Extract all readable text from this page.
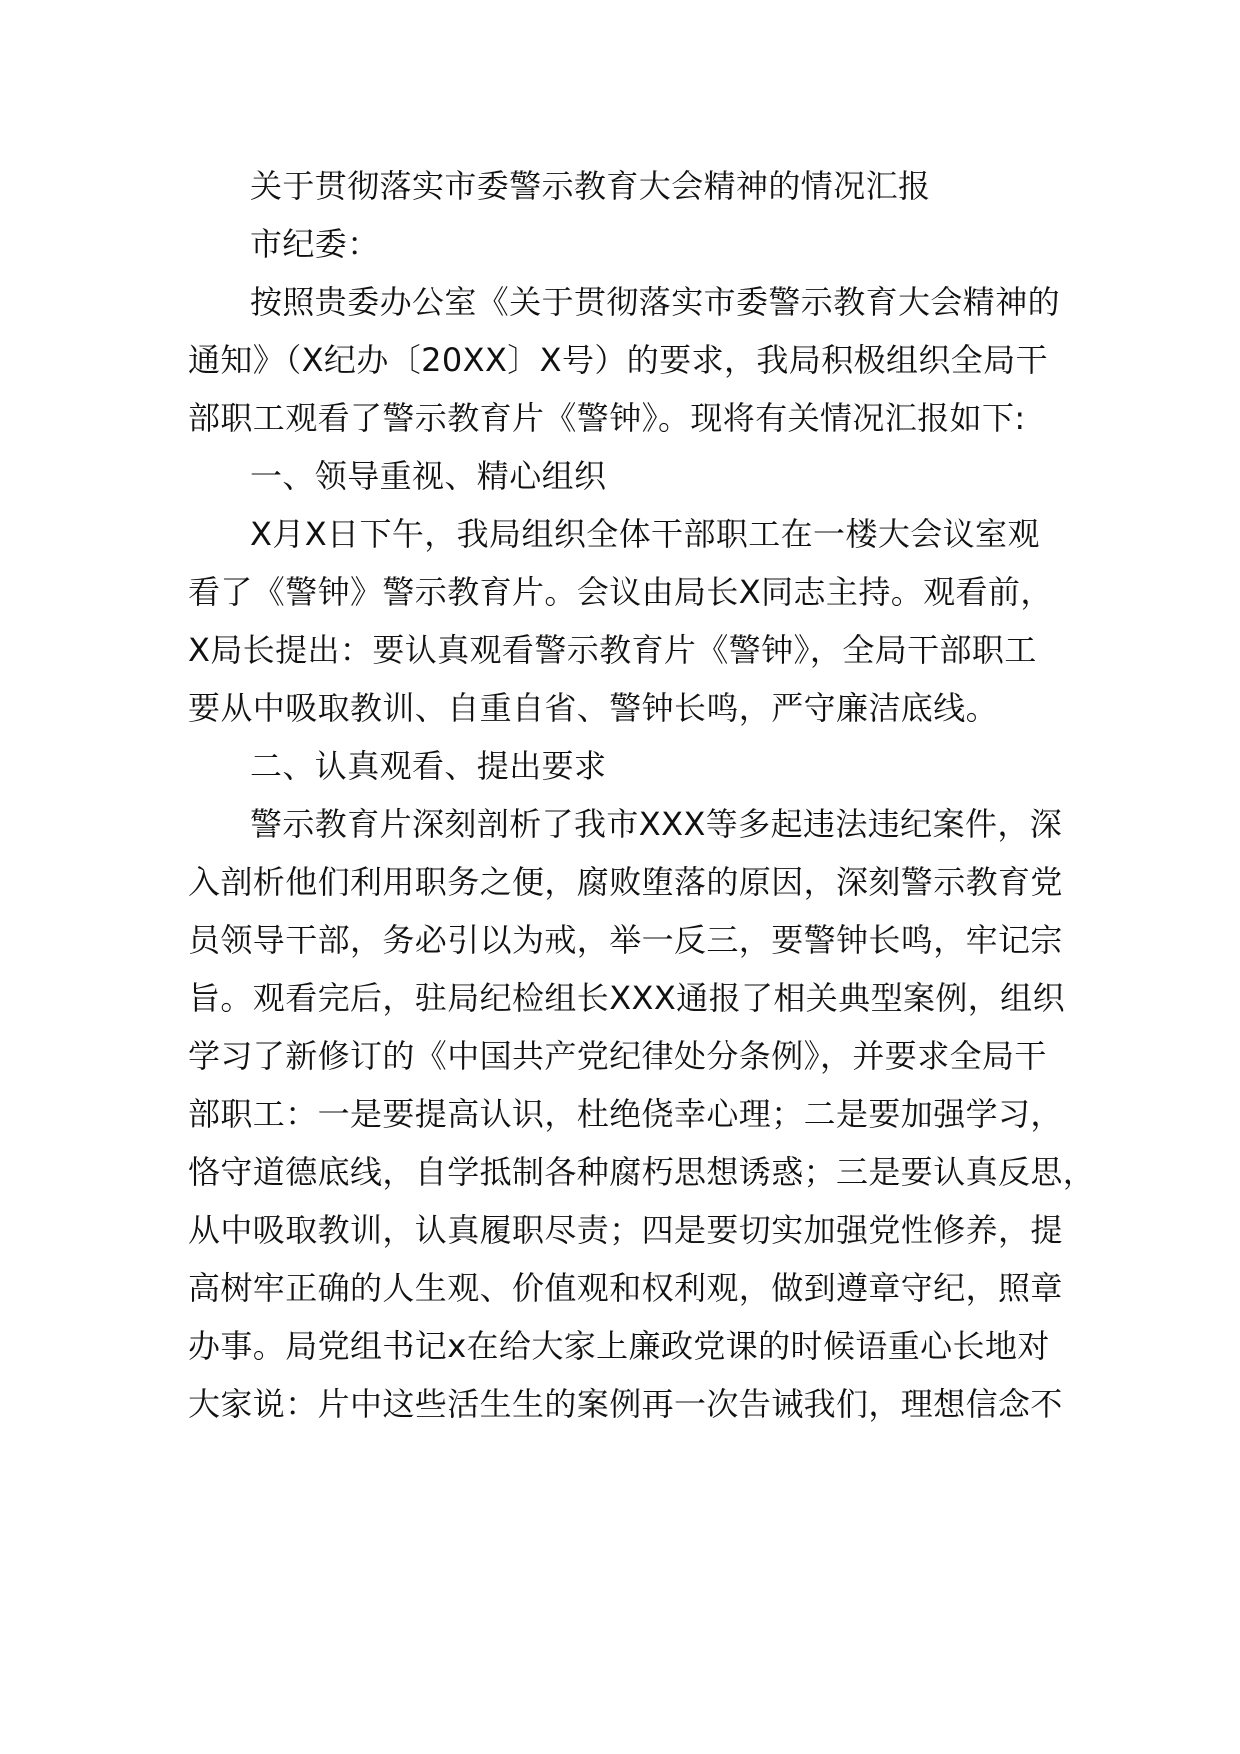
关于贯彻落实市委警示教育大会精神的情况汇报
市纪委：
按照贵委办公室《关于贯彻落实市委警示教育大会精神的
通知》（X纪办〔20XX〕X号）的要求，我局积极组织全局干
部职工观看了警示教育片《警钟》。现将有关情况汇报如下:
一、领导重视、精心组织
X月X日下午，我局组织全体干部职工在一楼大会议室观
看了《警钟》警示教育片。会议由局长X同志主持。观看前，
X局长提出：要认真观看警示教育片《警钟》，全局干部职工
要从中吸取教训、自重自省、警钟长鸣，严守廉洁底线。
二、认真观看、提出要求
警示教育片深刻剖析了我市XXX等多起违法违纪案件，深
入剖析他们利用职务之便，腐败堕落的原因，深刻警示教育党
员领导干部，务必引以为戒，举一反三，要警钟长鸣，牢记宗
旨。观看完后，驻局纪检组长XXX通报了相关典型案例，组织
学习了新修订的《中国共产党纪律处分条例》，并要求全局干
部职工：一是要提高认识，杜绝侥幸心理；二是要加强学习，
恪守道德底线，自学抵制各种腐朽思想诱惑；三是要认真反思，
从中吸取教训，认真履职尽责；四是要切实加强党性修养，提
高树牢正确的人生观、价值观和权利观，做到遵章守纪，照章
办事。局党组书记x在给大家上廉政党课的时候语重心长地对
大家说：片中这些活生生的案例再一次告诫我们，理想信念不
